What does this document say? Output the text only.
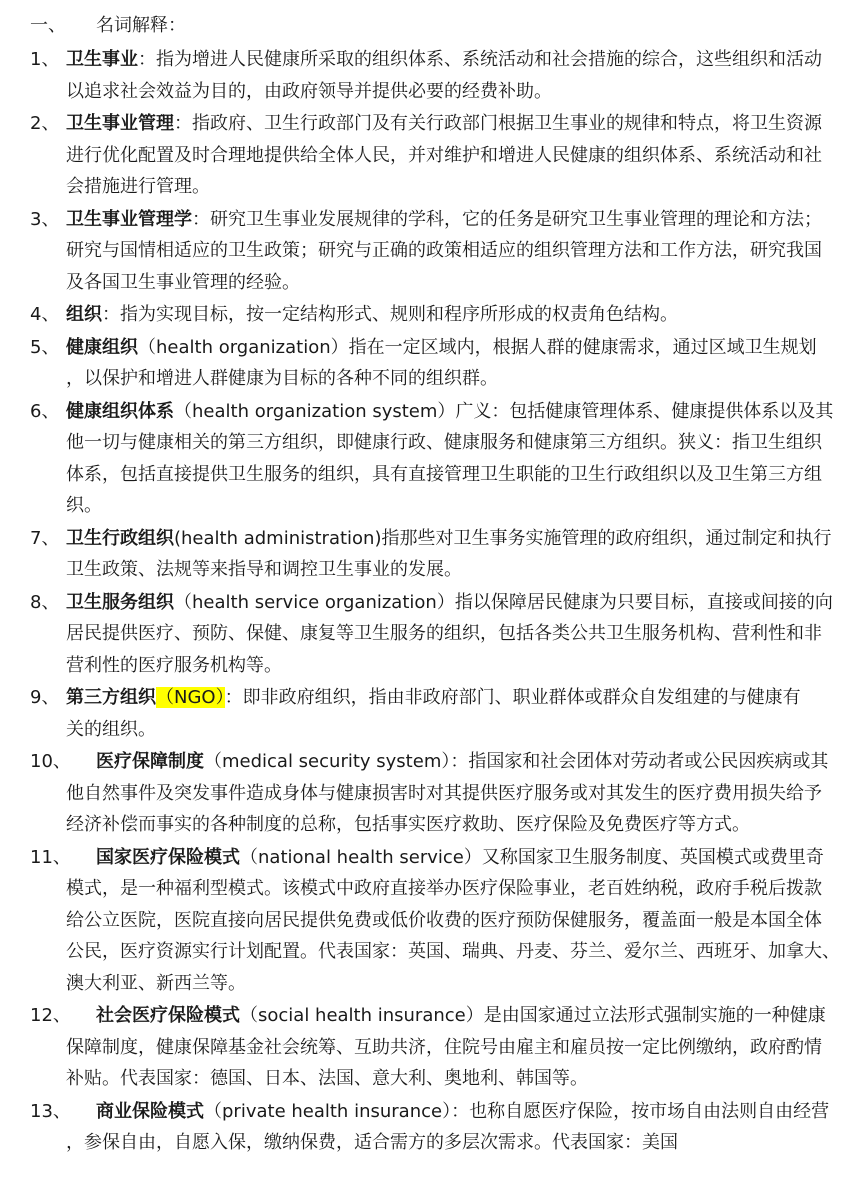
一、 名词解释：
1、 卫生事业：指为增进人民健康所采取的组织体系、系统活动和社会措施的综合，这些组织和活动
以追求社会效益为目的，由政府领导并提供必要的经费补助。
2、 卫生事业管理：指政府、卫生行政部门及有关行政部门根据卫生事业的规律和特点，将卫生资源
进行优化配置及时合理地提供给全体人民，并对维护和增进人民健康的组织体系、系统活动和社
会措施进行管理。
3、 卫生事业管理学：研究卫生事业发展规律的学科，它的任务是研究卫生事业管理的理论和方法；
研究与国情相适应的卫生政策；研究与正确的政策相适应的组织管理方法和工作方法，研究我国
及各国卫生事业管理的经验。
4、 组织：指为实现目标，按一定结构形式、规则和程序所形成的权责角色结构。
5、 健康组织（health organization）指在一定区域内，根据人群的健康需求，通过区域卫生规划
，以保护和增进人群健康为目标的各种不同的组织群。
6、 健康组织体系（health organization system）广义：包括健康管理体系、健康提供体系以及其
他一切与健康相关的第三方组织，即健康行政、健康服务和健康第三方组织。狭义：指卫生组织
体系，包括直接提供卫生服务的组织，具有直接管理卫生职能的卫生行政组织以及卫生第三方组
织。
7、 卫生行政组织(health administration)指那些对卫生事务实施管理的政府组织，通过制定和执行
卫生政策、法规等来指导和调控卫生事业的发展。
8、 卫生服务组织（health service organization）指以保障居民健康为只要目标，直接或间接的向
居民提供医疗、预防、保健、康复等卫生服务的组织，包括各类公共卫生服务机构、营利性和非
营利性的医疗服务机构等。
9、 第三方组织（NGO）：即非政府组织，指由非政府部门、职业群体或群众自发组建的与健康有
关的组织。
10、 医疗保障制度（medical security system）：指国家和社会团体对劳动者或公民因疾病或其
他自然事件及突发事件造成身体与健康损害时对其提供医疗服务或对其发生的医疗费用损失给予
经济补偿而事实的各种制度的总称，包括事实医疗救助、医疗保险及免费医疗等方式。
11、 国家医疗保险模式（national health service）又称国家卫生服务制度、英国模式或费里奇
模式，是一种福利型模式。该模式中政府直接举办医疗保险事业，老百姓纳税，政府手税后拨款
给公立医院，医院直接向居民提供免费或低价收费的医疗预防保健服务，覆盖面一般是本国全体
公民，医疗资源实行计划配置。代表国家：英国、瑞典、丹麦、芬兰、爱尔兰、西班牙、加拿大、
澳大利亚、新西兰等。
12、 社会医疗保险模式（social health insurance）是由国家通过立法形式强制实施的一种健康
保障制度，健康保障基金社会统筹、互助共济，住院号由雇主和雇员按一定比例缴纳，政府酌情
补贴。代表国家：德国、日本、法国、意大利、奥地利、韩国等。
13、 商业保险模式（private health insurance）：也称自愿医疗保险，按市场自由法则自由经营
，参保自由，自愿入保，缴纳保费，适合需方的多层次需求。代表国家：美国
